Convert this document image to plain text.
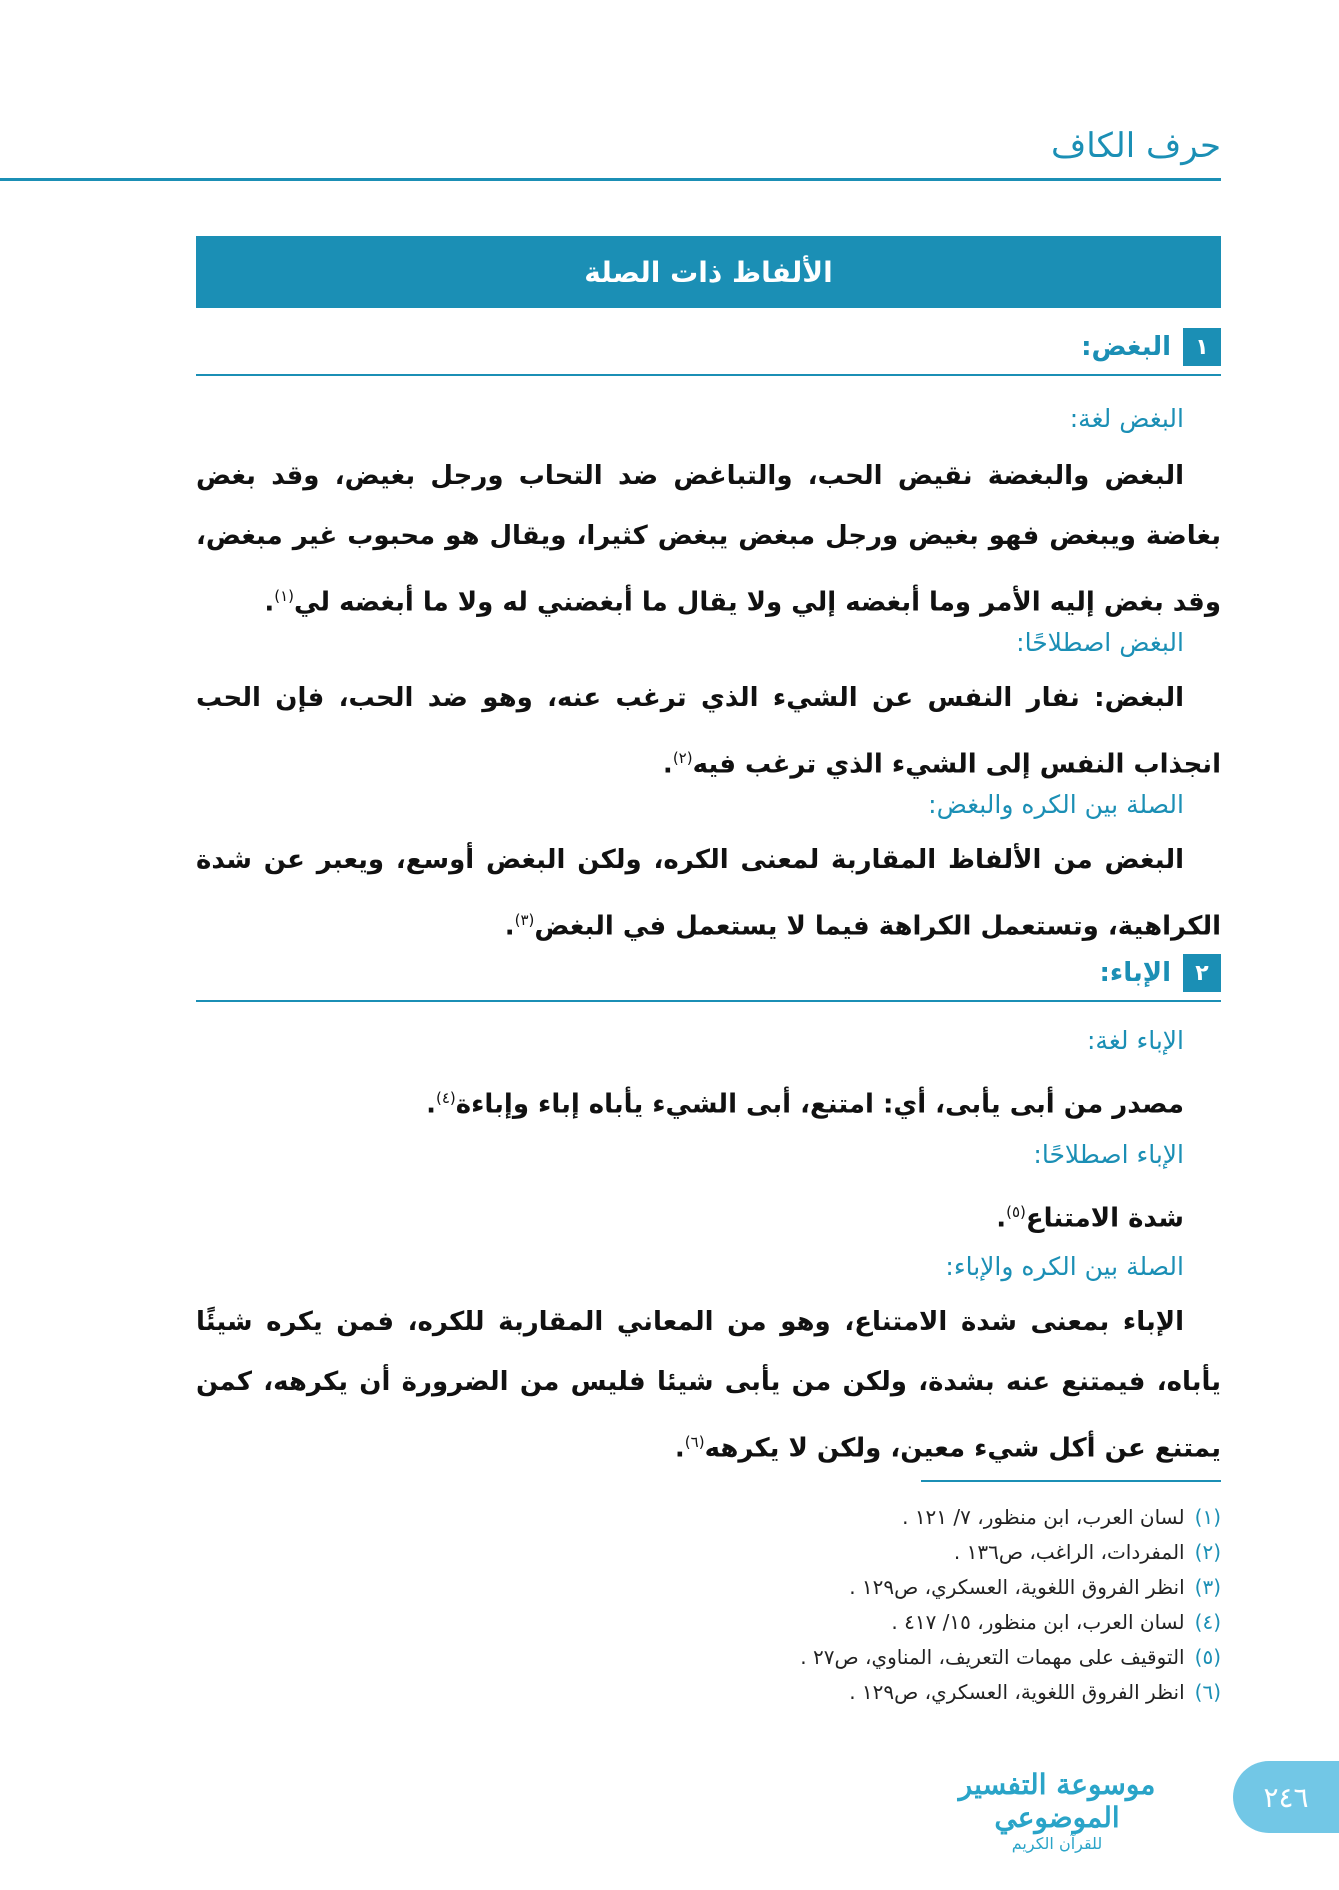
حرف الكاف
الألفاظ ذات الصلة
١
البغض:
البغض لغة:
البغض والبغضة نقيض الحب، والتباغض ضد التحاب ورجل بغيض، وقد بغض بغاضة ويبغض فهو بغيض ورجل مبغض يبغض كثيرا، ويقال هو محبوب غير مبغض، وقد بغض إليه الأمر وما أبغضه إلي ولا يقال ما أبغضني له ولا ما أبغضه لي$^{(١)}$.
البغض اصطلاحًا:
البغض: نفار النفس عن الشيء الذي ترغب عنه، وهو ضد الحب، فإن الحب انجذاب النفس إلى الشيء الذي ترغب فيه$^{(٢)}$.
الصلة بين الكره والبغض:
البغض من الألفاظ المقاربة لمعنى الكره، ولكن البغض أوسع، ويعبر عن شدة الكراهية، وتستعمل الكراهة فيما لا يستعمل في البغض$^{(٣)}$.
٢
الإباء:
الإباء لغة:
مصدر من أبى يأبى، أي: امتنع، أبى الشيء يأباه إباء وإباءة$^{(٤)}$.
الإباء اصطلاحًا:
شدة الامتناع$^{(٥)}$.
الصلة بين الكره والإباء:
الإباء بمعنى شدة الامتناع، وهو من المعاني المقاربة للكره، فمن يكره شيئًا يأباه، فيمتنع عنه بشدة، ولكن من يأبى شيئا فليس من الضرورة أن يكرهه، كمن يمتنع عن أكل شيء معين، ولكن لا يكرهه$^{(٦)}$.
(١)لسان العرب، ابن منظور، ٧/ ١٢١ .
(٢)المفردات، الراغب، ص١٣٦ .
(٣)انظر الفروق اللغوية، العسكري، ص١٢٩ .
(٤)لسان العرب، ابن منظور، ١٥/ ٤١٧ .
(٥)التوقيف على مهمات التعريف، المناوي، ص٢٧ .
(٦)انظر الفروق اللغوية، العسكري، ص١٢٩ .
موسوعة التفسير الموضوعي
للقرآن الكريم
٢٤٦
